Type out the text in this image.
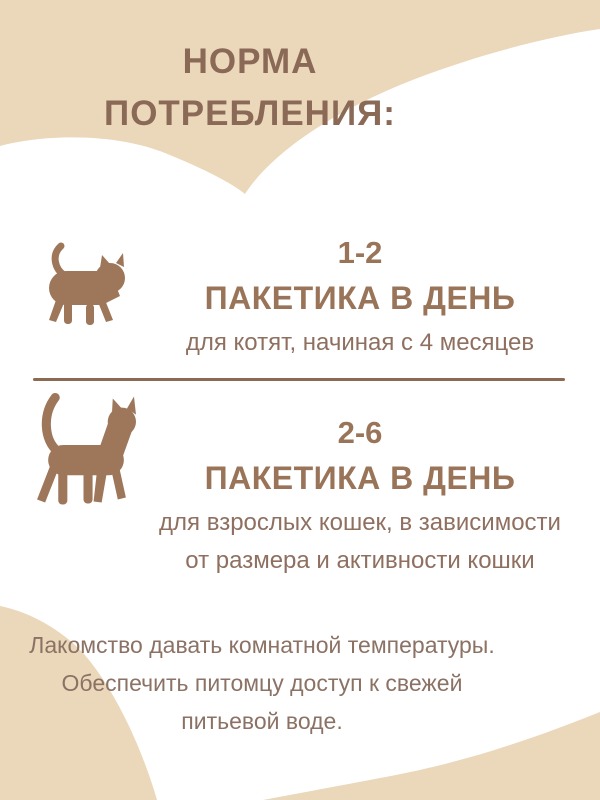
НОРМА
ПОТРЕБЛЕНИЯ:
1-2
ПАКЕТИКА В ДЕНЬ
для котят, начиная с 4 месяцев
2-6
ПАКЕТИКА В ДЕНЬ
для взрослых кошек, в зависимости
от размера и активности кошки
Лакомство давать комнатной температуры.
Обеспечить питомцу доступ к свежей
питьевой воде.
